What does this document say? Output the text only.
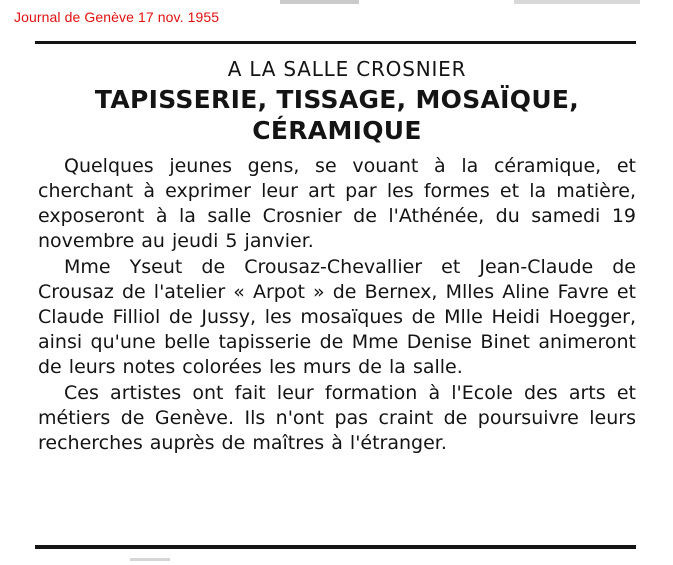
Journal de Genève 17 nov. 1955
A LA SALLE CROSNIER
TAPISSERIE, TISSAGE, MOSAÏQUE,
CÉRAMIQUE

Quelques jeunes gens, se vouant à la céramique, et cherchant à exprimer leur art par les formes et la matière, exposeront à la salle Crosnier de l'Athénée, du samedi 19 novembre au jeudi 5 janvier.

Mme Yseut de Crousaz-Chevallier et Jean-Claude de Crousaz de l'atelier « Arpot » de Bernex, Mlles Aline Favre et Claude Filliol de Jussy, les mosaïques de Mlle Heidi Hoegger, ainsi qu'une belle tapisserie de Mme Denise Binet animeront de leurs notes colorées les murs de la salle.

Ces artistes ont fait leur formation à l'Ecole des arts et métiers de Genève. Ils n'ont pas craint de poursuivre leurs recherches auprès de maîtres à l'étranger.
